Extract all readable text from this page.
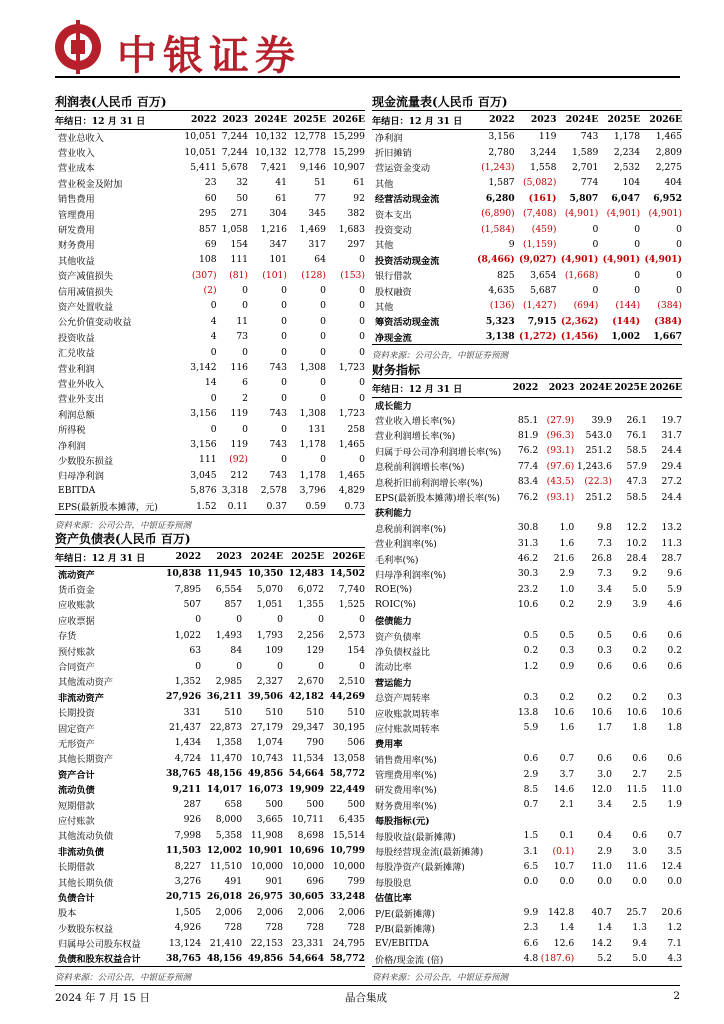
中银证券
利润表(人民币 百万)
年结日：12 月 31 日	2022	2023	2024E	2025E	2026E
营业总收入	10,051	7,244	10,132	12,778	15,299
营业收入	10,051	7,244	10,132	12,778	15,299
营业成本	5,411	5,678	7,421	9,146	10,907
营业税金及附加	23	32	41	51	61
销售费用	60	50	61	77	92
管理费用	295	271	304	345	382
研发费用	857	1,058	1,216	1,469	1,683
财务费用	69	154	347	317	297
其他收益	108	111	101	64	0
资产减值损失	(307)	(81)	(101)	(128)	(153)
信用减值损失	(2)	0	0	0	0
资产处置收益	0	0	0	0	0
公允价值变动收益	4	11	0	0	0
投资收益	4	73	0	0	0
汇兑收益	0	0	0	0	0
营业利润	3,142	116	743	1,308	1,723
营业外收入	14	6	0	0	0
营业外支出	0	2	0	0	0
利润总额	3,156	119	743	1,308	1,723
所得税	0	0	0	131	258
净利润	3,156	119	743	1,178	1,465
少数股东损益	111	(92)	0	0	0
归母净利润	3,045	212	743	1,178	1,465
EBITDA	5,876	3,318	2,578	3,796	4,829
EPS(最新股本摊薄，元)	1.52	0.11	0.37	0.59	0.73
资料来源：公司公告，中银证券预测
资产负债表(人民币 百万)
年结日：12 月 31 日	2022	2023	2024E	2025E	2026E
流动资产	10,838	11,945	10,350	12,483	14,502
货币资金	7,895	6,554	5,070	6,072	7,740
应收账款	507	857	1,051	1,355	1,525
应收票据	0	0	0	0	0
存货	1,022	1,493	1,793	2,256	2,573
预付账款	63	84	109	129	154
合同资产	0	0	0	0	0
其他流动资产	1,352	2,985	2,327	2,670	2,510
非流动资产	27,926	36,211	39,506	42,182	44,269
长期投资	331	510	510	510	510
固定资产	21,437	22,873	27,179	29,347	30,195
无形资产	1,434	1,358	1,074	790	506
其他长期资产	4,724	11,470	10,743	11,534	13,058
资产合计	38,765	48,156	49,856	54,664	58,772
流动负债	9,211	14,017	16,073	19,909	22,449
短期借款	287	658	500	500	500
应付账款	926	8,000	3,665	10,711	6,435
其他流动负债	7,998	5,358	11,908	8,698	15,514
非流动负债	11,503	12,002	10,901	10,696	10,799
长期借款	8,227	11,510	10,000	10,000	10,000
其他长期负债	3,276	491	901	696	799
负债合计	20,715	26,018	26,975	30,605	33,248
股本	1,505	2,006	2,006	2,006	2,006
少数股东权益	4,926	728	728	728	728
归属母公司股东权益	13,124	21,410	22,153	23,331	24,795
负债和股东权益合计	38,765	48,156	49,856	54,664	58,772
资料来源：公司公告，中银证券预测
现金流量表(人民币 百万)
年结日：12 月 31 日	2022	2023	2024E	2025E	2026E
净利润	3,156	119	743	1,178	1,465
折旧摊销	2,780	3,244	1,589	2,234	2,809
营运资金变动	(1,243)	1,558	2,701	2,532	2,275
其他	1,587	(5,082)	774	104	404
经营活动现金流	6,280	(161)	5,807	6,047	6,952
资本支出	(6,890)	(7,408)	(4,901)	(4,901)	(4,901)
投资变动	(1,584)	(459)	0	0	0
其他	9	(1,159)	0	0	0
投资活动现金流	(8,466)	(9,027)	(4,901)	(4,901)	(4,901)
银行借款	825	3,654	(1,668)	0	0
股权融资	4,635	5,687	0	0	0
其他	(136)	(1,427)	(694)	(144)	(384)
筹资活动现金流	5,323	7,915	(2,362)	(144)	(384)
净现金流	3,138	(1,272)	(1,456)	1,002	1,667
资料来源：公司公告，中银证券预测
财务指标
年结日：12 月 31 日	2022	2023	2024E	2025E	2026E
成长能力					
营业收入增长率(%)	85.1	(27.9)	39.9	26.1	19.7
营业利润增长率(%)	81.9	(96.3)	543.0	76.1	31.7
归属于母公司净利润增长率(%)	76.2	(93.1)	251.2	58.5	24.4
息税前利润增长率(%)	77.4	(97.6)	1,243.6	57.9	29.4
息税折旧前利润增长率(%)	83.4	(43.5)	(22.3)	47.3	27.2
EPS(最新股本摊薄)增长率(%)	76.2	(93.1)	251.2	58.5	24.4
获利能力					
息税前利润率(%)	30.8	1.0	9.8	12.2	13.2
营业利润率(%)	31.3	1.6	7.3	10.2	11.3
毛利率(%)	46.2	21.6	26.8	28.4	28.7
归母净利润率(%)	30.3	2.9	7.3	9.2	9.6
ROE(%)	23.2	1.0	3.4	5.0	5.9
ROIC(%)	10.6	0.2	2.9	3.9	4.6
偿债能力					
资产负债率	0.5	0.5	0.5	0.6	0.6
净负债权益比	0.2	0.3	0.3	0.2	0.2
流动比率	1.2	0.9	0.6	0.6	0.6
营运能力					
总资产周转率	0.3	0.2	0.2	0.2	0.3
应收账款周转率	13.8	10.6	10.6	10.6	10.6
应付账款周转率	5.9	1.6	1.7	1.8	1.8
费用率					
销售费用率(%)	0.6	0.7	0.6	0.6	0.6
管理费用率(%)	2.9	3.7	3.0	2.7	2.5
研发费用率(%)	8.5	14.6	12.0	11.5	11.0
财务费用率(%)	0.7	2.1	3.4	2.5	1.9
每股指标(元)					
每股收益(最新摊薄)	1.5	0.1	0.4	0.6	0.7
每股经营现金流(最新摊薄)	3.1	(0.1)	2.9	3.0	3.5
每股净资产(最新摊薄)	6.5	10.7	11.0	11.6	12.4
每股股息	0.0	0.0	0.0	0.0	0.0
估值比率					
P/E(最新摊薄)	9.9	142.8	40.7	25.7	20.6
P/B(最新摊薄)	2.3	1.4	1.4	1.3	1.2
EV/EBITDA	6.6	12.6	14.2	9.4	7.1
价格/现金流 (倍)	4.8	(187.6)	5.2	5.0	4.3
资料来源：公司公告，中银证券预测
2024 年 7 月 15 日	晶合集成	2
